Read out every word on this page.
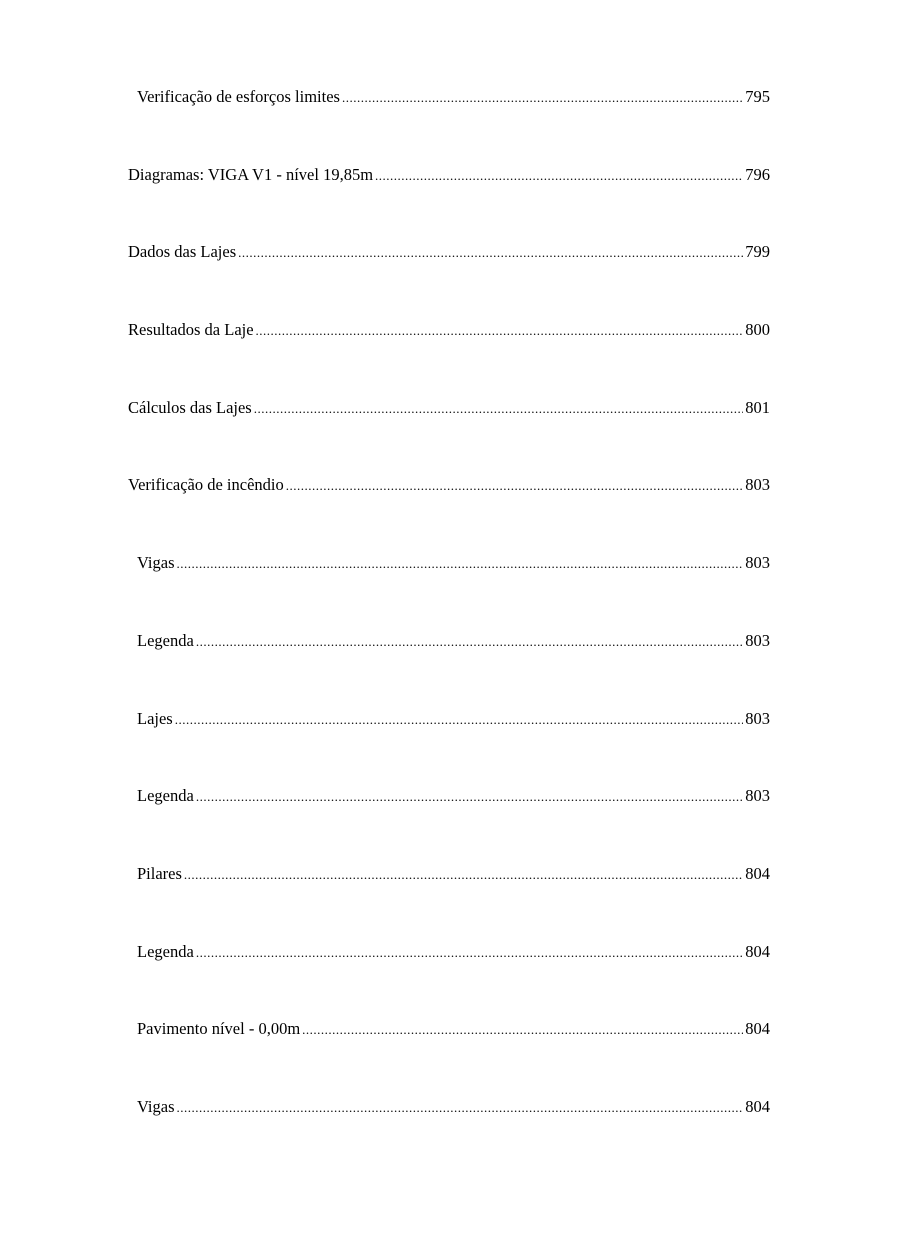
Verificação de esforços limites .....	795
Diagramas: VIGA V1 - nível 19,85m .....	796
Dados das Lajes .....	799
Resultados da Laje .....	800
Cálculos das Lajes .....	801
Verificação de incêndio .....	803
Vigas .....	803
Legenda .....	803
Lajes .....	803
Legenda .....	803
Pilares .....	804
Legenda .....	804
Pavimento nível - 0,00m .....	804
Vigas .....	804
